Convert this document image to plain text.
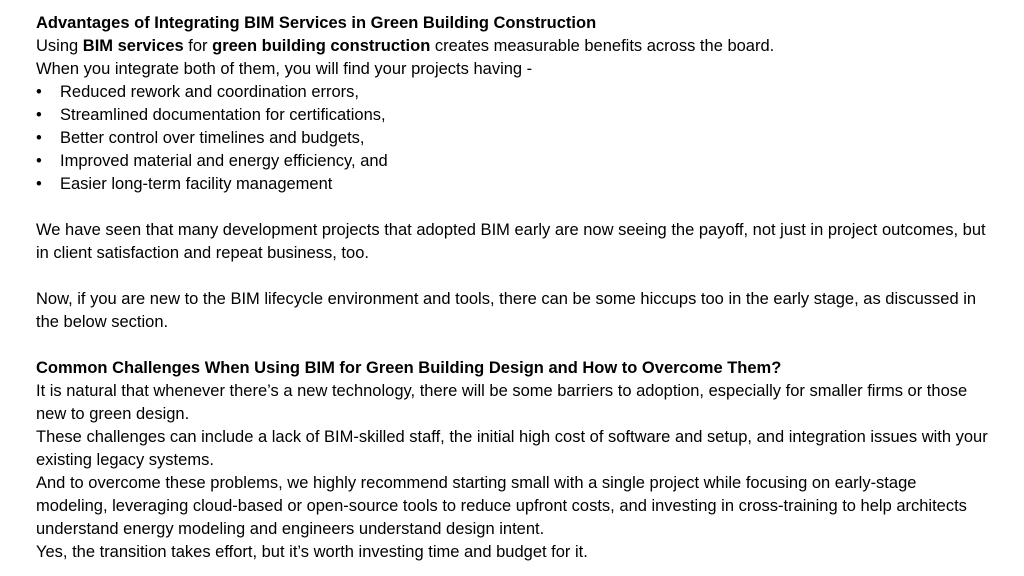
Advantages of Integrating BIM Services in Green Building Construction

Using BIM services for green building construction creates measurable benefits across the board.

When you integrate both of them, you will find your projects having -

• Reduced rework and coordination errors,
• Streamlined documentation for certifications,
• Better control over timelines and budgets,
• Improved material and energy efficiency, and
• Easier long-term facility management

We have seen that many development projects that adopted BIM early are now seeing the payoff, not just in project outcomes, but in client satisfaction and repeat business, too.

Now, if you are new to the BIM lifecycle environment and tools, there can be some hiccups too in the early stage, as discussed in the below section.

Common Challenges When Using BIM for Green Building Design and How to Overcome Them?

It is natural that whenever there’s a new technology, there will be some barriers to adoption, especially for smaller firms or those new to green design.

These challenges can include a lack of BIM-skilled staff, the initial high cost of software and setup, and integration issues with your existing legacy systems.

And to overcome these problems, we highly recommend starting small with a single project while focusing on early-stage modeling, leveraging cloud-based or open-source tools to reduce upfront costs, and investing in cross-training to help architects understand energy modeling and engineers understand design intent.

Yes, the transition takes effort, but it’s worth investing time and budget for it.
